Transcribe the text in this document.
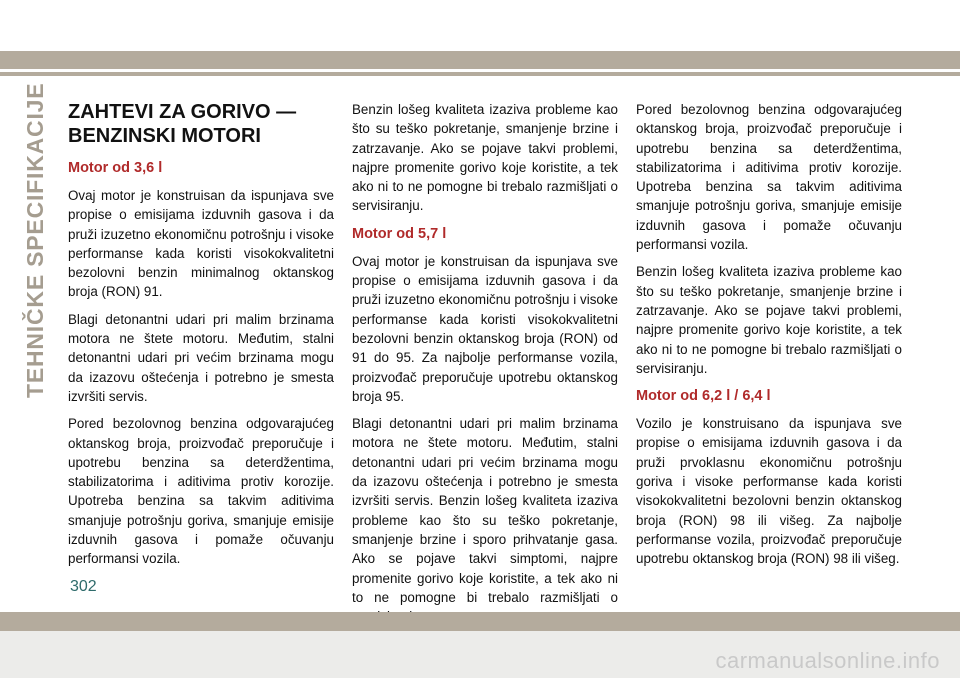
TEHNIČKE SPECIFIKACIJE ZAHTEVI ZA GORIVO —
BENZINSKI MOTORI
Motor od 3,6 l

Ovaj motor je konstruisan da ispunjava sve propise o emisijama izduvnih gasova i da pruži izuzetno ekonomičnu potrošnju i visoke performanse kada koristi visokokvalitetni bezolovni benzin minimalnog oktanskog broja (RON) 91.

Blagi detonantni udari pri malim brzinama motora ne štete motoru. Međutim, stalni detonantni udari pri većim brzinama mogu da izazovu oštećenja i potrebno je smesta izvršiti servis.

Pored bezolovnog benzina odgovarajućeg oktanskog broja, proizvođač preporučuje i upotrebu benzina sa deterdžentima, stabilizatorima i aditivima protiv korozije. Upotreba benzina sa takvim aditivima smanjuje potrošnju goriva, smanjuje emisije izduvnih gasova i pomaže očuvanju performansi vozila.

Benzin lošeg kvaliteta izaziva probleme kao što su teško pokretanje, smanjenje brzine i zatrzavanje. Ako se pojave takvi problemi, najpre promenite gorivo koje koristite, a tek ako ni to ne pomogne bi trebalo razmišljati o servisiranju.

Motor od 5,7 l

Ovaj motor je konstruisan da ispunjava sve propise o emisijama izduvnih gasova i da pruži izuzetno ekonomičnu potrošnju i visoke performanse kada koristi visokokvalitetni bezolovni benzin oktanskog broja (RON) od 91 do 95. Za najbolje performanse vozila, proizvođač preporučuje upotrebu oktanskog broja 95.

Blagi detonantni udari pri malim brzinama motora ne štete motoru. Međutim, stalni detonantni udari pri većim brzinama mogu da izazovu oštećenja i potrebno je smesta izvršiti servis. Benzin lošeg kvaliteta izaziva probleme kao što su teško pokretanje, smanjenje brzine i sporo prihvatanje gasa. Ako se pojave takvi simptomi, najpre promenite gorivo koje koristite, a tek ako ni to ne pomogne bi trebalo razmišljati o

Pored bezolovnog benzina odgovarajućeg oktanskog broja, proizvođač preporučuje i upotrebu benzina sa deterdžentima, stabilizatorima i aditivima protiv korozije. Upotreba benzina sa takvim aditivima smanjuje potrošnju goriva, smanjuje emisije izduvnih gasova i pomaže očuvanju performansi vozila.

Benzin lošeg kvaliteta izaziva probleme kao što su teško pokretanje, smanjenje brzine i zatrzavanje. Ako se pojave takvi problemi, najpre promenite gorivo koje koristite, a tek ako ni to ne pomogne bi trebalo razmišljati o servisiranju.

Motor od 6,2 l / 6,4 l

Vozilo je konstruisano da ispunjava sve propise o emisijama izduvnih gasova i da pruži prvoklasnu ekonomičnu potrošnju goriva i visoke performanse kada koristi visokokvalitetni bezolovni benzin oktanskog broja (RON) 98 ili višeg. Za najbolje performanse vozila, proizvođač preporučuje upotrebu oktanskog broja (RON) 98 ili višeg.

302
carmanualsonline.info
